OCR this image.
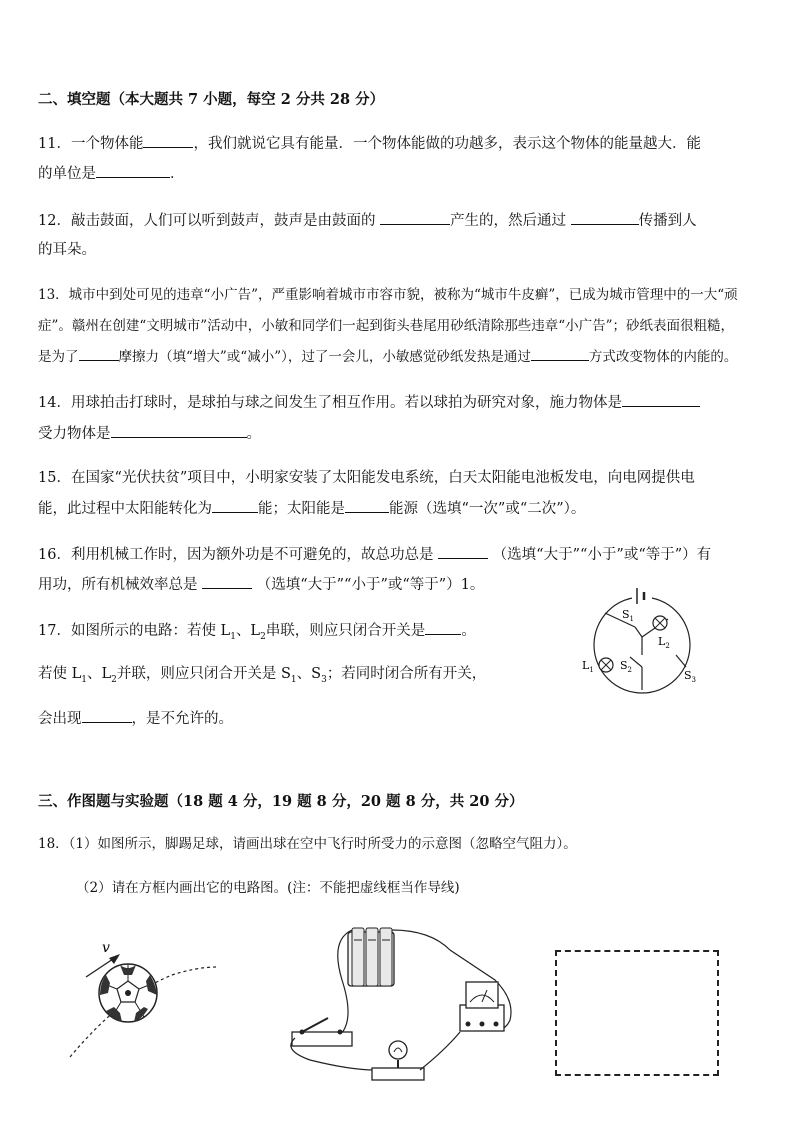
二、填空题（本大题共 7 小题，每空 2 分共 28 分）
11．一个物体能	，我们就说它具有能量．一个物体能做的功越多，表示这个物体的能量越大．能
的单位是	．
12．敲击鼓面，人们可以听到鼓声，鼓声是由鼓面的	产生的，然后通过	传播到人
的耳朵。
13．城市中到处可见的违章“小广告”，严重影响着城市市容市貌，被称为“城市牛皮癣”，已成为城市管理中的一大“顽
症”。赣州在创建“文明城市”活动中，小敏和同学们一起到街头巷尾用砂纸清除那些违章“小广告”；砂纸表面很粗糙，
是为了	摩擦力（填“增大”或“减小”），过了一会儿，小敏感觉砂纸发热是通过	方式改变物体的内能的。
14．用球拍击打球时，是球拍与球之间发生了相互作用。若以球拍为研究对象，施力物体是
受力物体是	。
15．在国家“光伏扶贫”项目中，小明家安装了太阳能发电系统，白天太阳能电池板发电，向电网提供电
能，此过程中太阳能转化为	能；太阳能是	能源（选填“一次”或“二次”）。
16．利用机械工作时，因为额外功是不可避免的，故总功总是	（选填“大于”“小于”或“等于”）有
用功，所有机械效率总是	（选填“大于”“小于”或“等于”）1。
17．如图所示的电路：若使 $L_1$、$L_2$串联，则应只闭合开关是 。
若使 $L_1$、$L_2$并联，则应只闭合开关是 $S_1$、$S_3$；若同时闭合所有开关，
会出现	，是不允许的。
$S_1$
$L_2$
$L_1$ $S_2$	$S_3$
三、作图题与实验题（18 题 4 分，19 题 8 分，20 题 8 分，共 20 分）
18．（1）如图所示，脚踢足球，请画出球在空中飞行时所受力的示意图（忽略空气阻力）。
（2）请在方框内画出它的电路图。(注：不能把虚线框当作导线)
v
